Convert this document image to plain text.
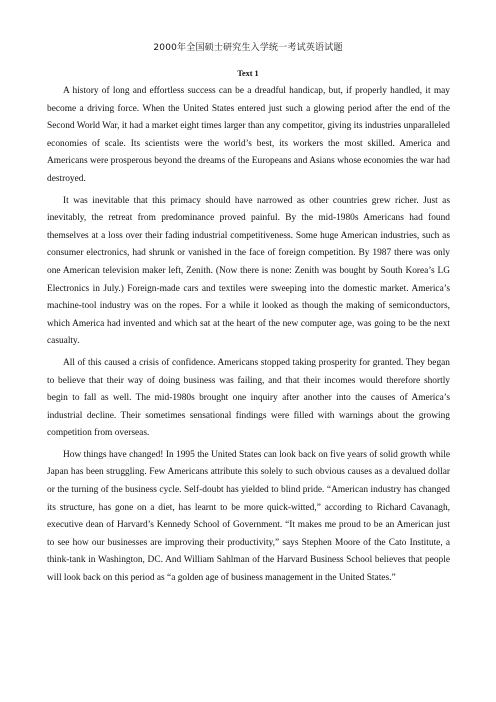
2000年全国硕士研究生入学统一考试英语试题
Text 1

A history of long and effortless success can be a dreadful handicap, but, if properly handled, it may become a driving force. When the United States entered just such a glowing period after the end of the Second World War, it had a market eight times larger than any competitor, giving its industries unparalleled economies of scale. Its scientists were the world’s best, its workers the most skilled. America and Americans were prosperous beyond the dreams of the Europeans and Asians whose economies the war had destroyed.

It was inevitable that this primacy should have narrowed as other countries grew richer. Just as inevitably, the retreat from predominance proved painful. By the mid-1980s Americans had found themselves at a loss over their fading industrial competitiveness. Some huge American industries, such as consumer electronics, had shrunk or vanished in the face of foreign competition. By 1987 there was only one American television maker left, Zenith. (Now there is none: Zenith was bought by South Korea’s LG Electronics in July.) Foreign-made cars and textiles were sweeping into the domestic market. America’s machine-tool industry was on the ropes. For a while it looked as though the making of semiconductors, which America had invented and which sat at the heart of the new computer age, was going to be the next casualty.

All of this caused a crisis of confidence. Americans stopped taking prosperity for granted. They began to believe that their way of doing business was failing, and that their incomes would therefore shortly begin to fall as well. The mid-1980s brought one inquiry after another into the causes of America’s industrial decline. Their sometimes sensational findings were filled with warnings about the growing competition from overseas.

How things have changed! In 1995 the United States can look back on five years of solid growth while Japan has been struggling. Few Americans attribute this solely to such obvious causes as a devalued dollar or the turning of the business cycle. Self-doubt has yielded to blind pride. “American industry has changed its structure, has gone on a diet, has learnt to be more quick-witted,” according to Richard Cavanagh, executive dean of Harvard’s Kennedy School of Government. “It makes me proud to be an American just to see how our businesses are improving their productivity,” says Stephen Moore of the Cato Institute, a think-tank in Washington, DC. And William Sahlman of the Harvard Business School believes that people will look back on this period as “a golden age of business management in the United States.”
